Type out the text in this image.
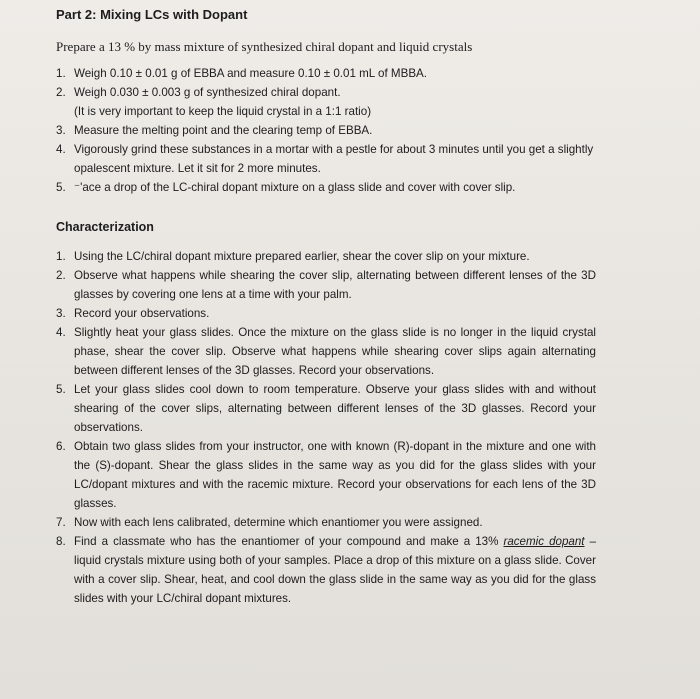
Part 2: Mixing LCs with Dopant
Prepare a 13 % by mass mixture of synthesized chiral dopant and liquid crystals
1. Weigh 0.10 ± 0.01 g of EBBA and measure 0.10 ± 0.01 mL of MBBA.
2. Weigh 0.030 ± 0.003 g of synthesized chiral dopant.
(It is very important to keep the liquid crystal in a 1:1 ratio)
3. Measure the melting point and the clearing temp of EBBA.
4. Vigorously grind these substances in a mortar with a pestle for about 3 minutes until you get a slightly opalescent mixture. Let it sit for 2 more minutes.
5. ⁻'ace a drop of the LC-chiral dopant mixture on a glass slide and cover with cover slip.
Characterization
1. Using the LC/chiral dopant mixture prepared earlier, shear the cover slip on your mixture.
2. Observe what happens while shearing the cover slip, alternating between different lenses of the 3D glasses by covering one lens at a time with your palm.
3. Record your observations.
4. Slightly heat your glass slides. Once the mixture on the glass slide is no longer in the liquid crystal phase, shear the cover slip. Observe what happens while shearing cover slips again alternating between different lenses of the 3D glasses. Record your observations.
5. Let your glass slides cool down to room temperature. Observe your glass slides with and without shearing of the cover slips, alternating between different lenses of the 3D glasses. Record your observations.
6. Obtain two glass slides from your instructor, one with known (R)-dopant in the mixture and one with the (S)-dopant. Shear the glass slides in the same way as you did for the glass slides with your LC/dopant mixtures and with the racemic mixture. Record your observations for each lens of the 3D glasses.
7. Now with each lens calibrated, determine which enantiomer you were assigned.
8. Find a classmate who has the enantiomer of your compound and make a 13% racemic dopant – liquid crystals mixture using both of your samples. Place a drop of this mixture on a glass slide. Cover with a cover slip. Shear, heat, and cool down the glass slide in the same way as you did for the glass slides with your LC/chiral dopant mixtures.
